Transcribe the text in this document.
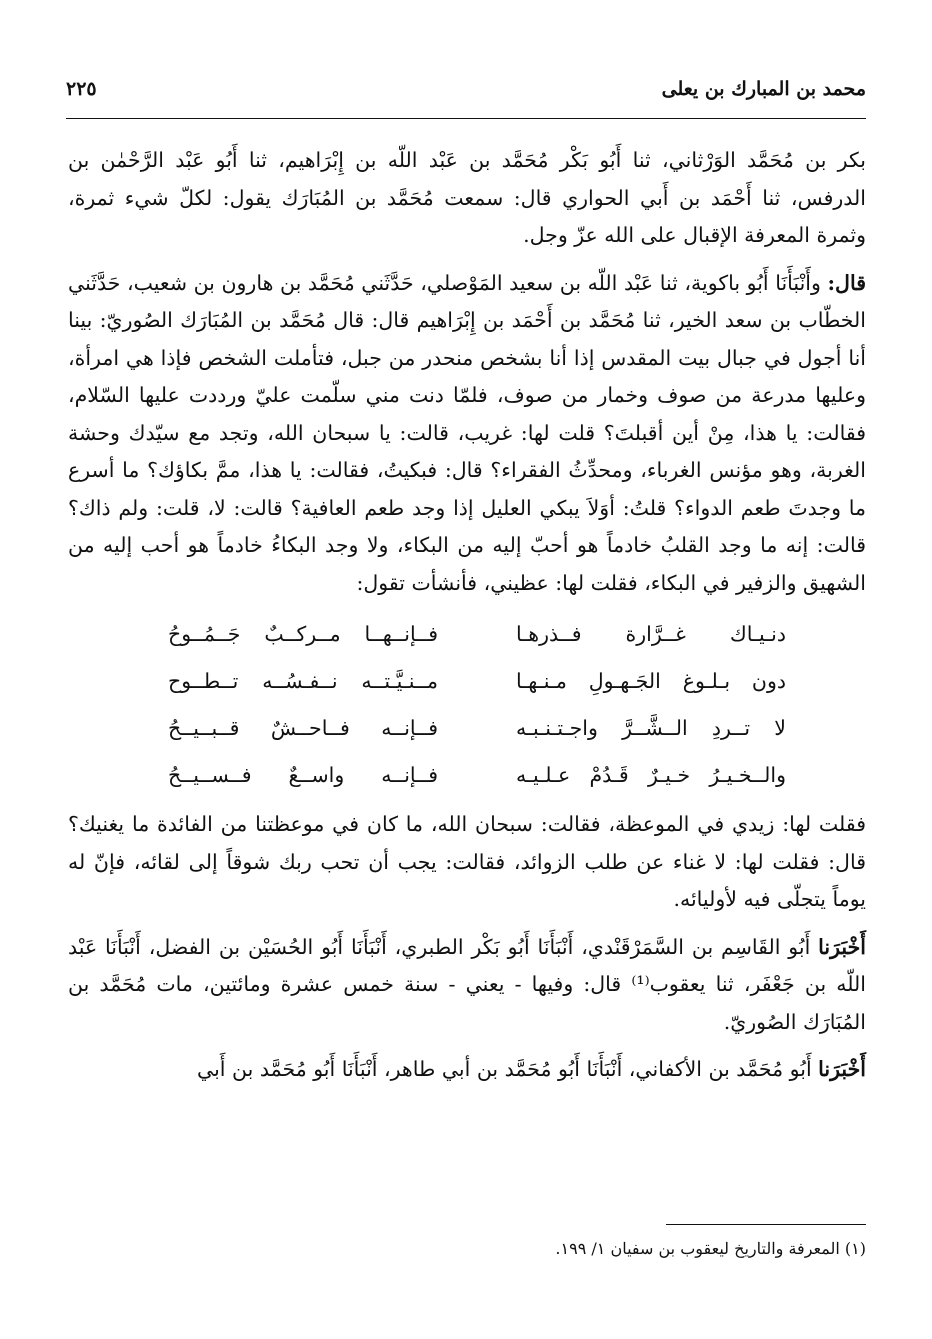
محمد بن المبارك بن يعلى
٢٢٥

بكر بن مُحَمَّد الوَرْثاني، ثنا أَبُو بَكْر مُحَمَّد بن عَبْد اللّه بن إِبْرَاهيم، ثنا أَبُو عَبْد الرَّحْمٰن بن الدرفس، ثنا أَحْمَد بن أَبي الحواري قال: سمعت مُحَمَّد بن المُبَارَك يقول: لكلّ شيء ثمرة، وثمرة المعرفة الإقبال على الله عزّ وجل.

قال: وأَنْبَأَنَا أَبُو باكوية، ثنا عَبْد اللّه بن سعيد المَوْصلي، حَدَّثَني مُحَمَّد بن هارون بن شعيب، حَدَّثَني الخطّاب بن سعد الخير، ثنا مُحَمَّد بن أَحْمَد بن إِبْرَاهيم قال: قال مُحَمَّد بن المُبَارَك الصُوريّ: بينا أنا أجول في جبال بيت المقدس إذا أنا بشخص منحدر من جبل، فتأملت الشخص فإذا هي امرأة، وعليها مدرعة من صوف وخمار من صوف، فلمّا دنت مني سلّمت عليّ ورددت عليها السّلام، فقالت: يا هذا، مِنْ أين أقبلتَ؟ قلت لها: غريب، قالت: يا سبحان الله، وتجد مع سيّدك وحشة الغربة، وهو مؤنس الغرباء، ومحدِّثُ الفقراء؟ قال: فبكيتُ، فقالت: يا هذا، ممَّ بكاؤك؟ ما أسرع ما وجدتَ طعم الدواء؟ قلتُ: أوَلاَ يبكي العليل إذا وجد طعم العافية؟ قالت: لا، قلت: ولم ذاك؟ قالت: إنه ما وجد القلبُ خادماً هو أحبّ إليه من البكاء، ولا وجد البكاءُ خادماً هو أحب إليه من الشهيق والزفير في البكاء، فقلت لها: عظيني، فأنشأت تقول:

دنـيـاك غــرَّارة فــذرهـا
فــإنــهــا مــركــبٌ جَــمُــوحُ
دون بـلـوغ الجَـهـولِ مـنـهـا
مــنـيَّـتــه نــفـسُــه تــطــوح
لا تــردِ الــشَّــرَّ واجـتـنـبـه
فــإنــه فــاحــشٌ قــبــيــحُ
والــخـيـرُ خـيـرٌ قَـدُمْ عـلـيـه
فــإنــه واســعٌ فــســيــحُ

فقلت لها: زيدي في الموعظة، فقالت: سبحان الله، ما كان في موعظتنا من الفائدة ما يغنيك؟ قال: فقلت لها: لا غناء عن طلب الزوائد، فقالت: يجب أن تحب ربك شوقاً إلى لقائه، فإنّ له يوماً يتجلّى فيه لأوليائه.

أَخْبَرَنا أَبُو القَاسِم بن السَّمَرْقَنْدي، أَنْبَأَنَا أَبُو بَكْر الطبري، أَنْبَأَنَا أَبُو الحُسَيْن بن الفضل، أَنْبَأَنَا عَبْد اللّه بن جَعْفَر، ثنا يعقوب⁽¹⁾ قال: وفيها - يعني - سنة خمس عشرة ومائتين، مات مُحَمَّد بن المُبَارَك الصُوريّ.

أَخْبَرَنا أَبُو مُحَمَّد بن الأكفاني، أَنْبَأَنَا أَبُو مُحَمَّد بن أبي طاهر، أَنْبَأَنَا أَبُو مُحَمَّد بن أَبي

(١) المعرفة والتاريخ ليعقوب بن سفيان ١/ ١٩٩.
